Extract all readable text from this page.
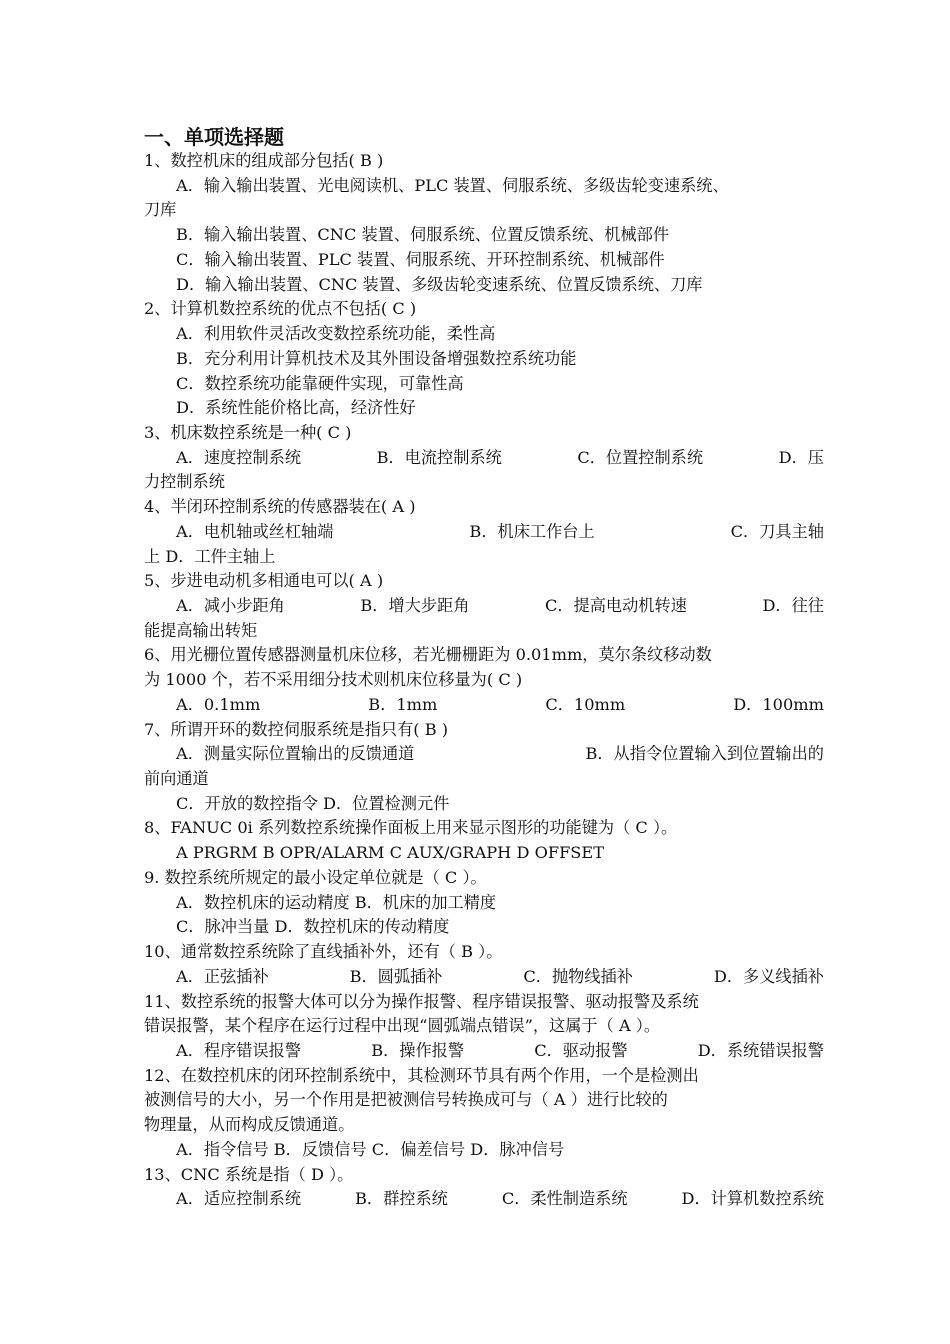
一、单项选择题
1、数控机床的组成部分包括( B )
A．输入输出装置、光电阅读机、PLC 装置、伺服系统、多级齿轮变速系统、
刀库
B．输入输出装置、CNC 装置、伺服系统、位置反馈系统、机械部件
C．输入输出装置、PLC 装置、伺服系统、开环控制系统、机械部件
D．输入输出装置、CNC 装置、多级齿轮变速系统、位置反馈系统、刀库
2、计算机数控系统的优点不包括( C )
A．利用软件灵活改变数控系统功能，柔性高
B．充分利用计算机技术及其外围设备增强数控系统功能
C．数控系统功能靠硬件实现，可靠性高
D．系统性能价格比高，经济性好
3、机床数控系统是一种( C )
A．速度控制系统	B．电流控制系统	C．位置控制系统	D．压
力控制系统
4、半闭环控制系统的传感器装在( A )
A．电机轴或丝杠轴端	B．机床工作台上	C．刀具主轴
上 D．工件主轴上
5、步进电动机多相通电可以( A )
A．减小步距角	B．增大步距角	C．提高电动机转速	D．往往
能提高输出转矩
6、用光栅位置传感器测量机床位移，若光栅栅距为 0.01mm，莫尔条纹移动数
为 1000 个，若不采用细分技术则机床位移量为( C )
A．0.1mm	B．1mm	C．10mm	D．100mm
7、所谓开环的数控伺服系统是指只有( B )
A．测量实际位置输出的反馈通道	B．从指令位置输入到位置输出的
前向通道
C．开放的数控指令 D．位置检测元件
8、FANUC 0i 系列数控系统操作面板上用来显示图形的功能键为（ C ）。
A PRGRM B OPR/ALARM C AUX/GRAPH D OFFSET
9. 数控系统所规定的最小设定单位就是（ C ）。
A．数控机床的运动精度 B．机床的加工精度
C．脉冲当量 D．数控机床的传动精度
10、通常数控系统除了直线插补外，还有（ B ）。
A．正弦插补	B．圆弧插补	C．抛物线插补	D．多义线插补
11、数控系统的报警大体可以分为操作报警、程序错误报警、驱动报警及系统
错误报警，某个程序在运行过程中出现“圆弧端点错误”，这属于（ A ）。
A．程序错误报警	B．操作报警	C．驱动报警	D．系统错误报警
12、在数控机床的闭环控制系统中，其检测环节具有两个作用，一个是检测出
被测信号的大小，另一个作用是把被测信号转换成可与（ A ）进行比较的
物理量，从而构成反馈通道。
A．指令信号 B．反馈信号 C．偏差信号 D．脉冲信号
13、CNC 系统是指（ D ）。
A．适应控制系统	B．群控系统	C．柔性制造系统	D．计算机数控系统
